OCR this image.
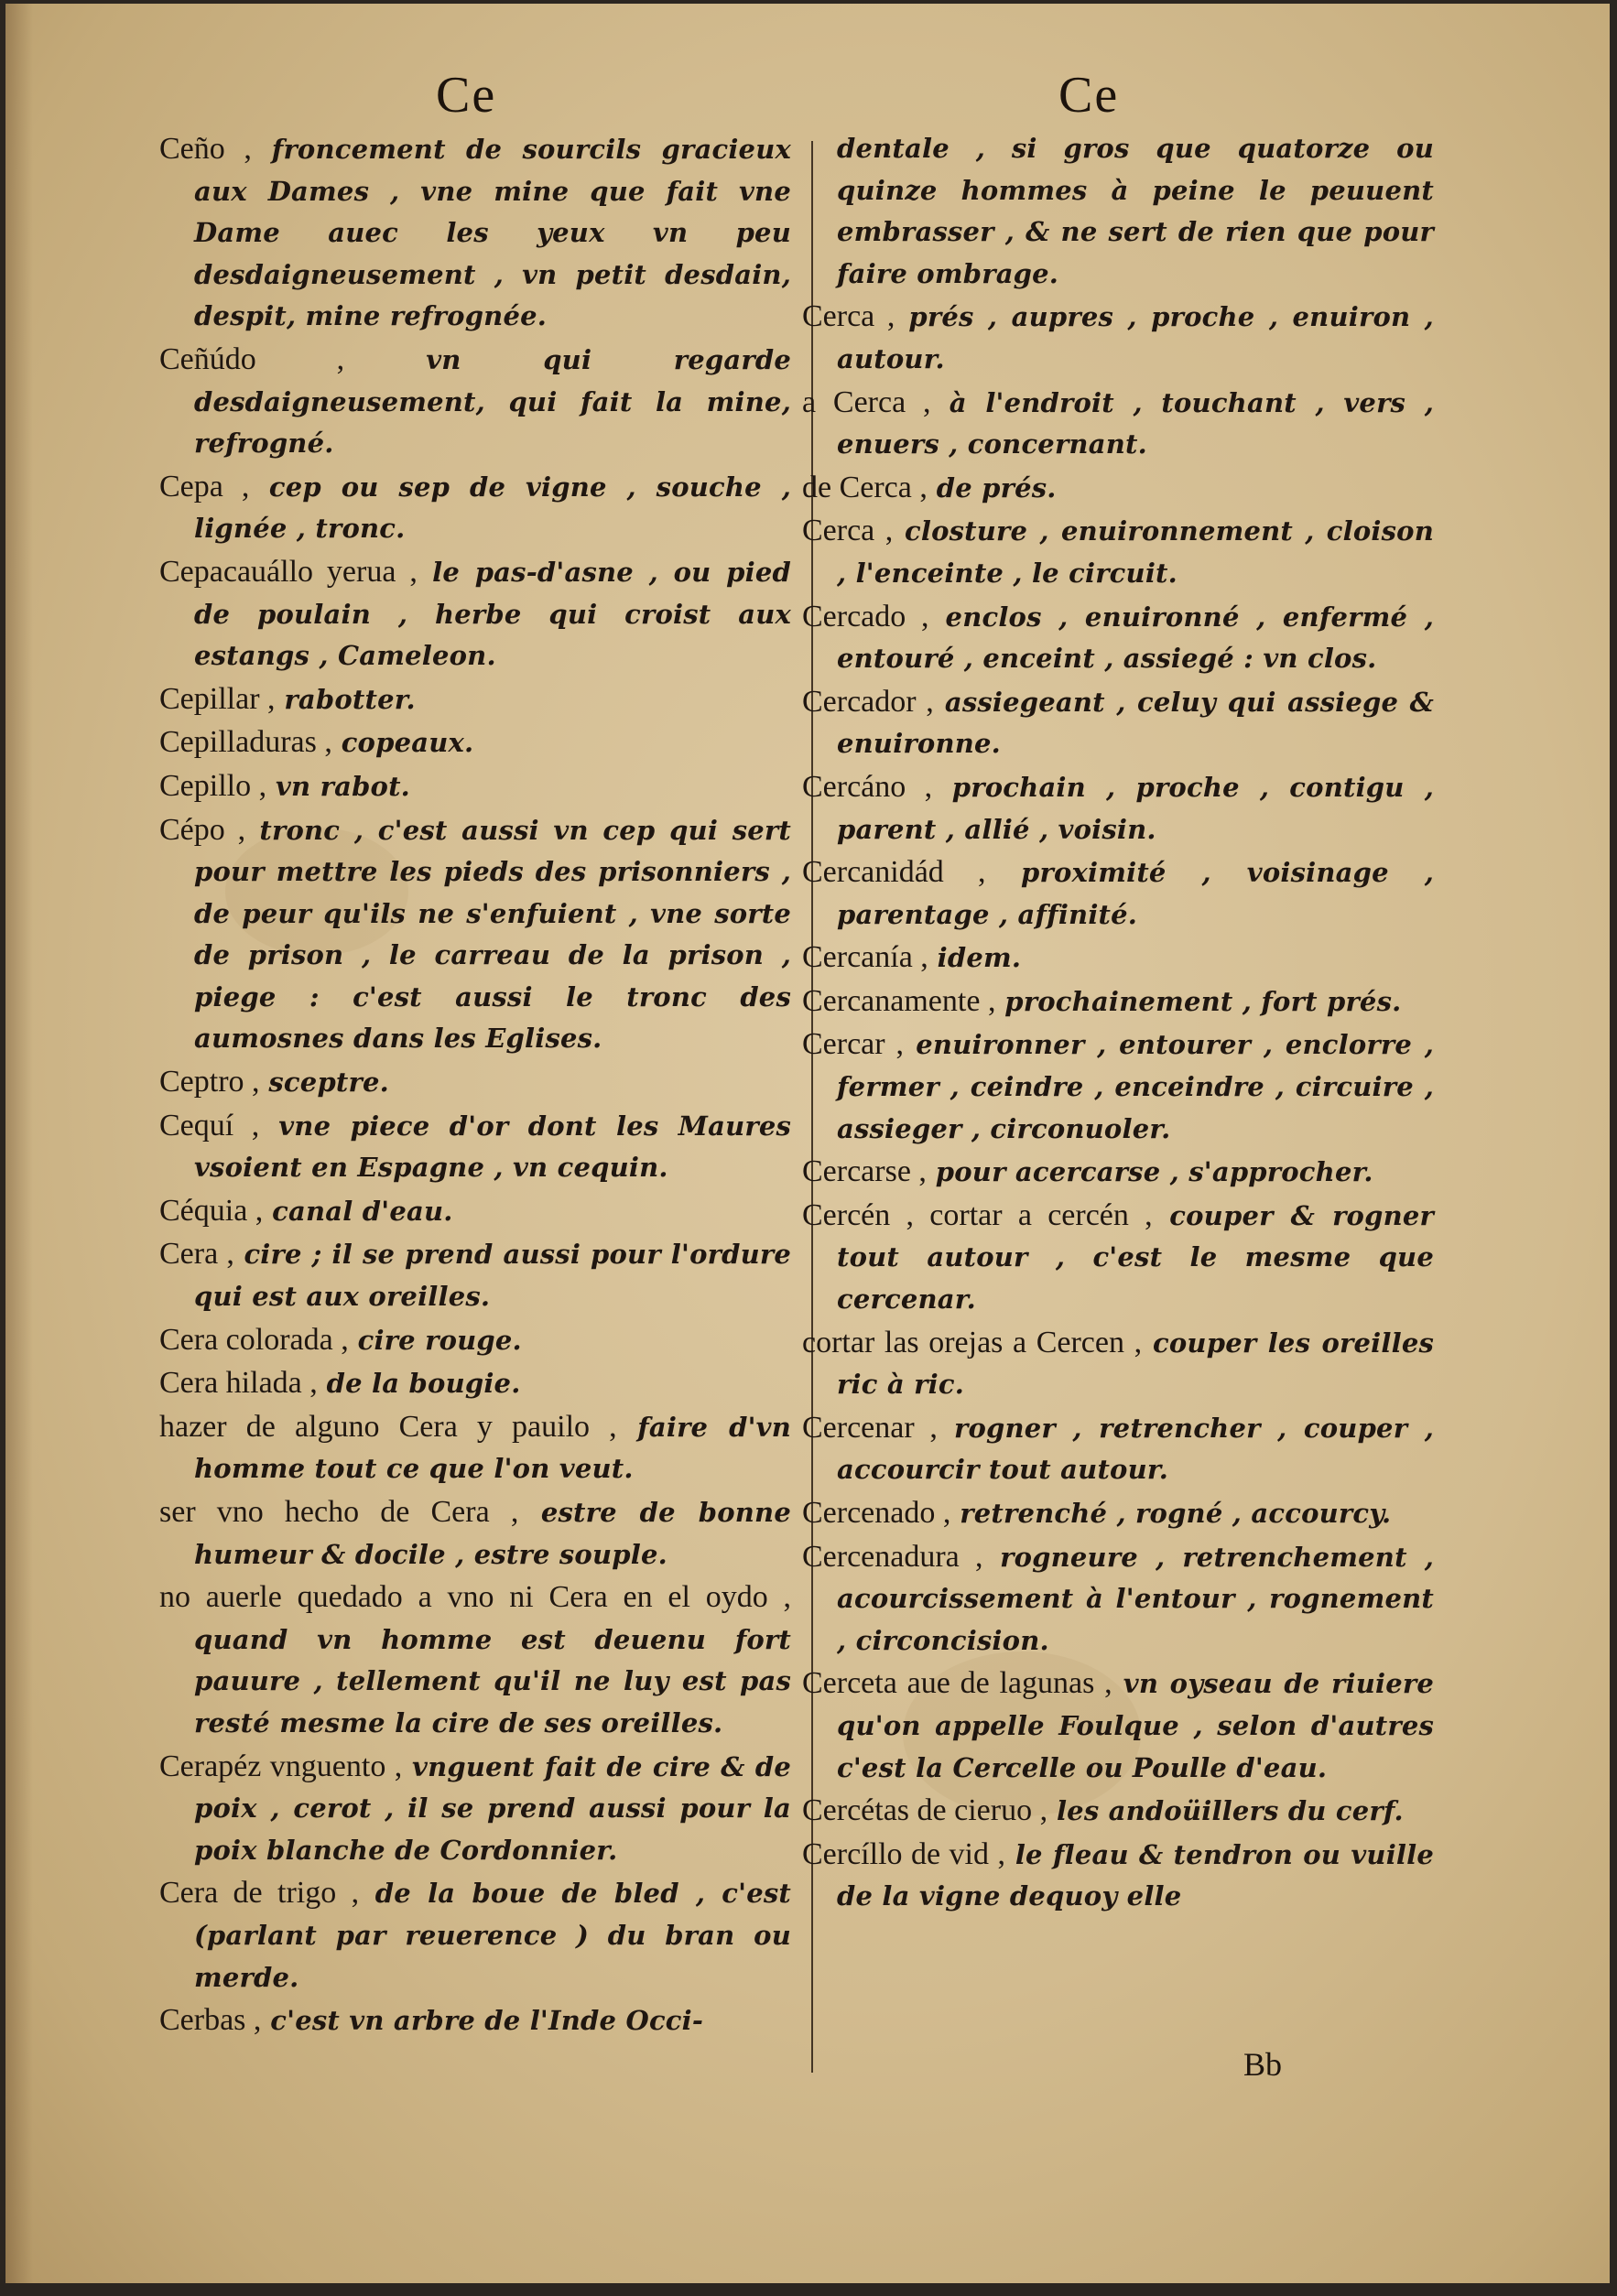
Ce	Ce

Ceño , froncement de sourcils gracieux aux Dames , vne mine que fait vne Dame auec les yeux vn peu desdaigneusement , vn petit desdain, despit, mine refrognée.

Ceñúdo ,	vn qui regarde desdaigneusement, qui fait la mine, refrogné.

Cepa , cep ou sep de vigne , souche , lignée , tronc.

Cepacauállo yerua , le pas-d'asne , ou pied de poulain , herbe qui croist aux estangs , Cameleon.

Cepillar , rabotter.

Cepilladuras , copeaux.

Cepillo , vn rabot.

Cépo , tronc , c'est aussi vn cep qui sert pour mettre les pieds des prisonniers , de peur qu'ils ne s'enfuient , vne sorte de prison , le carreau de la prison , piege : c'est aussi le tronc des aumosnes dans les Eglises.

Ceptro , sceptre.

Cequí , vne piece d'or dont les Maures vsoient en Espagne , vn cequin.

Céquia , canal d'eau.

Cera , cire ; il se prend aussi pour l'ordure qui est aux oreilles.

Cera colorada , cire rouge.

Cera hilada , de la bougie.

hazer de alguno Cera y pauilo , faire d'vn homme tout ce que l'on veut.

ser vno hecho de Cera , estre de bonne humeur & docile , estre souple.

no auerle quedado a vno ni Cera en el oydo , quand vn homme est deuenu fort pauure , tellement qu'il ne luy est pas resté mesme la cire de ses oreilles.

Cerapéz vnguento , vnguent fait de cire & de poix , cerot , il se prend aussi pour la poix blanche de Cordonnier.

Cera de trigo , de la boue de bled , c'est (parlant par reuerence ) du bran ou merde.

Cerbas , c'est vn arbre de l'Inde Occi-

dentale , si gros que quatorze ou quinze hommes à peine le peuuent embrasser , & ne sert de rien que pour faire ombrage.

Cerca , prés , aupres , proche , enuiron , autour.

a Cerca , à l'endroit , touchant , vers , enuers , concernant.

de Cerca , de prés.

Cerca , closture , enuironnement , cloison , l'enceinte , le circuit.

Cercado , enclos , enuironné , enfermé , entouré , enceint , assiegé : vn clos.

Cercador , assiegeant , celuy qui assiege & enuironne.

Cercáno , prochain , proche , contigu , parent , allié , voisin.

Cercanidád , proximité , voisinage , parentage , affinité.

Cercanía , idem.

Cercanamente , prochainement , fort prés.

Cercar , enuironner , entourer , enclorre , fermer , ceindre , enceindre , circuire , assieger , circonuoler.

Cercarse , pour acercarse , s'approcher.

Cercén , cortar a cercén , couper & rogner tout autour , c'est le mesme que cercenar.

cortar las orejas a Cercen , couper les oreilles ric à ric.

Cercenar , rogner , retrencher , couper , accourcir tout autour.

Cercenado , retrenché , rogné , accourcy.

Cercenadura , rogneure , retrenchement , acourcissement à l'entour , rognement , circoncision.

Cerceta aue de lagunas , vn oyseau de riuiere qu'on appelle Foulque , selon d'autres c'est la Cercelle ou Poulle d'eau.

Cercétas de cieruo , les andoüillers du cerf.

Cercíllo de vid , le fleau & tendron ou vuille de la vigne dequoy elle

Bb
